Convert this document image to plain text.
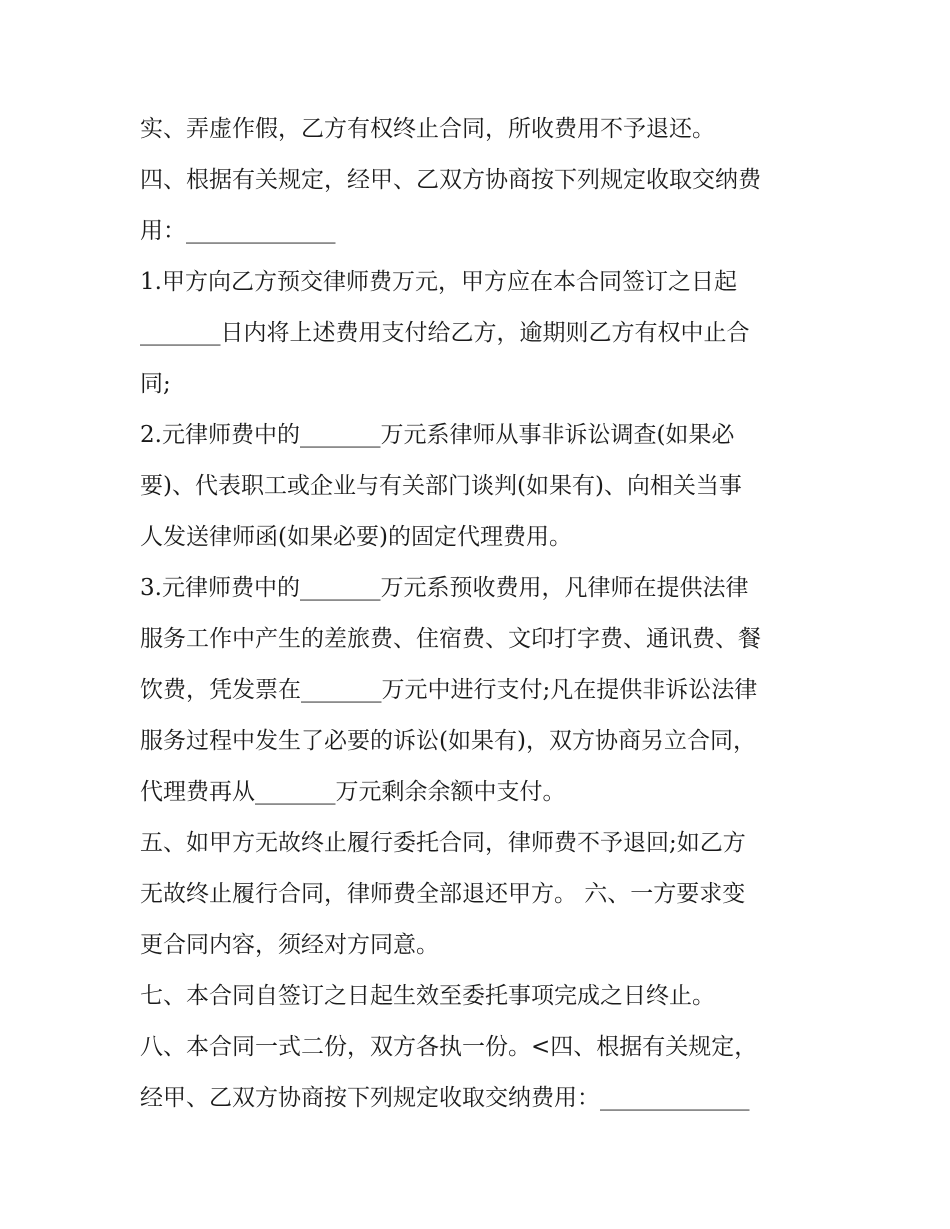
实、弄虚作假，乙方有权终止合同，所收费用不予退还。
四、根据有关规定，经甲、乙双方协商按下列规定收取交纳费
用：_____________
1.甲方向乙方预交律师费万元，甲方应在本合同签订之日起
_______日内将上述费用支付给乙方，逾期则乙方有权中止合
同;
2.元律师费中的_______万元系律师从事非诉讼调查(如果必
要)、代表职工或企业与有关部门谈判(如果有)、向相关当事
人发送律师函(如果必要)的固定代理费用。
3.元律师费中的_______万元系预收费用，凡律师在提供法律
服务工作中产生的差旅费、住宿费、文印打字费、通讯费、餐
饮费，凭发票在_______万元中进行支付;凡在提供非诉讼法律
服务过程中发生了必要的诉讼(如果有)，双方协商另立合同，
代理费再从_______万元剩余余额中支付。
五、如甲方无故终止履行委托合同，律师费不予退回;如乙方
无故终止履行合同，律师费全部退还甲方。 六、一方要求变
更合同内容，须经对方同意。
七、本合同自签订之日起生效至委托事项完成之日终止。
八、本合同一式二份，双方各执一份。<四、根据有关规定，
经甲、乙双方协商按下列规定收取交纳费用：_____________
